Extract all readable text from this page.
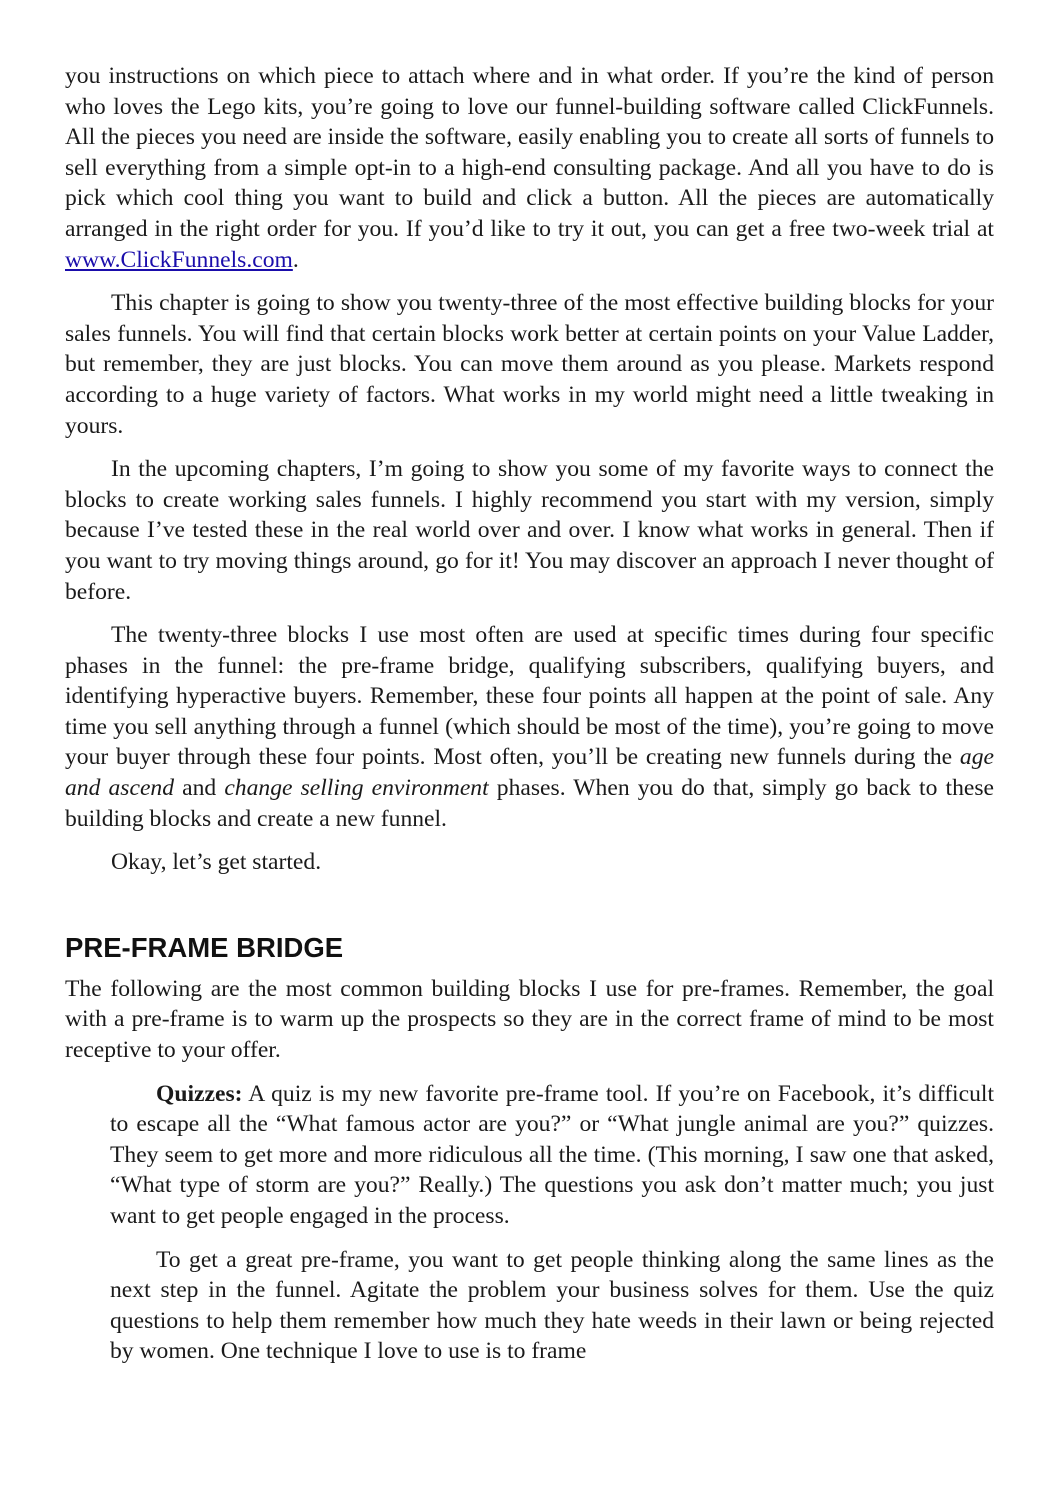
you instructions on which piece to attach where and in what order. If you’re the kind of person who loves the Lego kits, you’re going to love our funnel-building software called ClickFunnels. All the pieces you need are inside the software, easily enabling you to create all sorts of funnels to sell everything from a simple opt-in to a high-end consulting package. And all you have to do is pick which cool thing you want to build and click a button. All the pieces are automatically arranged in the right order for you. If you’d like to try it out, you can get a free two-week trial at www.ClickFunnels.com.

This chapter is going to show you twenty-three of the most effective building blocks for your sales funnels. You will find that certain blocks work better at certain points on your Value Ladder, but remember, they are just blocks. You can move them around as you please. Markets respond according to a huge variety of factors. What works in my world might need a little tweaking in yours.

In the upcoming chapters, I’m going to show you some of my favorite ways to connect the blocks to create working sales funnels. I highly recommend you start with my version, simply because I’ve tested these in the real world over and over. I know what works in general. Then if you want to try moving things around, go for it! You may discover an approach I never thought of before.

The twenty-three blocks I use most often are used at specific times during four specific phases in the funnel: the pre-frame bridge, qualifying subscribers, qualifying buyers, and identifying hyperactive buyers. Remember, these four points all happen at the point of sale. Any time you sell anything through a funnel (which should be most of the time), you’re going to move your buyer through these four points. Most often, you’ll be creating new funnels during the age and ascend and change selling environment phases. When you do that, simply go back to these building blocks and create a new funnel.

Okay, let’s get started.

PRE-FRAME BRIDGE

The following are the most common building blocks I use for pre-frames. Remember, the goal with a pre-frame is to warm up the prospects so they are in the correct frame of mind to be most receptive to your offer.

Quizzes: A quiz is my new favorite pre-frame tool. If you’re on Facebook, it’s difficult to escape all the “What famous actor are you?” or “What jungle animal are you?” quizzes. They seem to get more and more ridiculous all the time. (This morning, I saw one that asked, “What type of storm are you?” Really.) The questions you ask don’t matter much; you just want to get people engaged in the process.

To get a great pre-frame, you want to get people thinking along the same lines as the next step in the funnel. Agitate the problem your business solves for them. Use the quiz questions to help them remember how much they hate weeds in their lawn or being rejected by women. One technique I love to use is to frame
